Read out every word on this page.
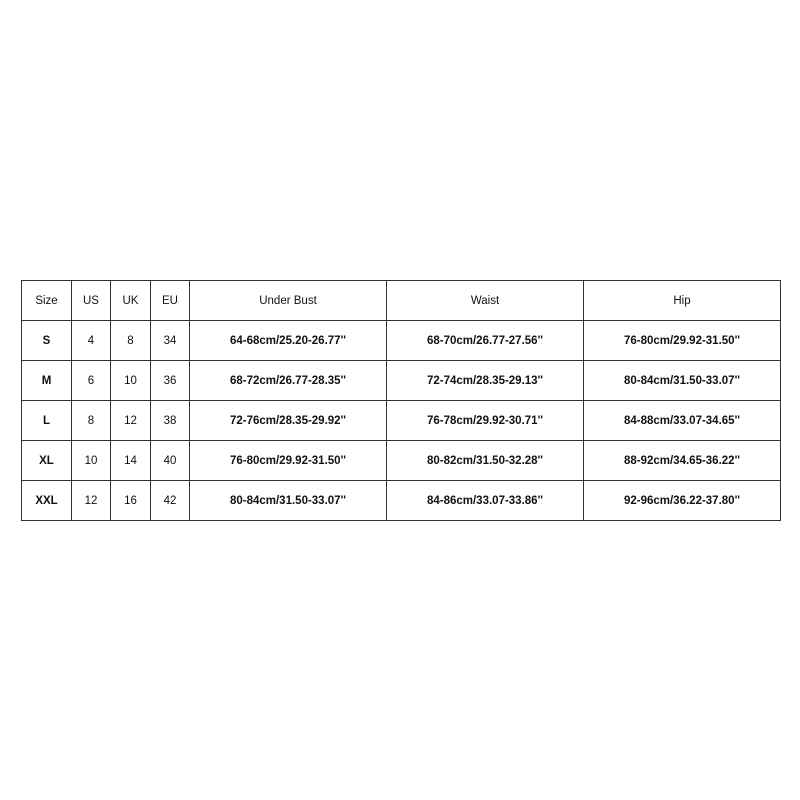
Size	US	UK	EU	Under Bust	Waist	Hip
S	4	8	34	64-68cm/25.20-26.77''	68-70cm/26.77-27.56''	76-80cm/29.92-31.50''
M	6	10	36	68-72cm/26.77-28.35''	72-74cm/28.35-29.13''	80-84cm/31.50-33.07''
L	8	12	38	72-76cm/28.35-29.92''	76-78cm/29.92-30.71''	84-88cm/33.07-34.65''
XL	10	14	40	76-80cm/29.92-31.50''	80-82cm/31.50-32.28''	88-92cm/34.65-36.22''
XXL	12	16	42	80-84cm/31.50-33.07''	84-86cm/33.07-33.86''	92-96cm/36.22-37.80''
